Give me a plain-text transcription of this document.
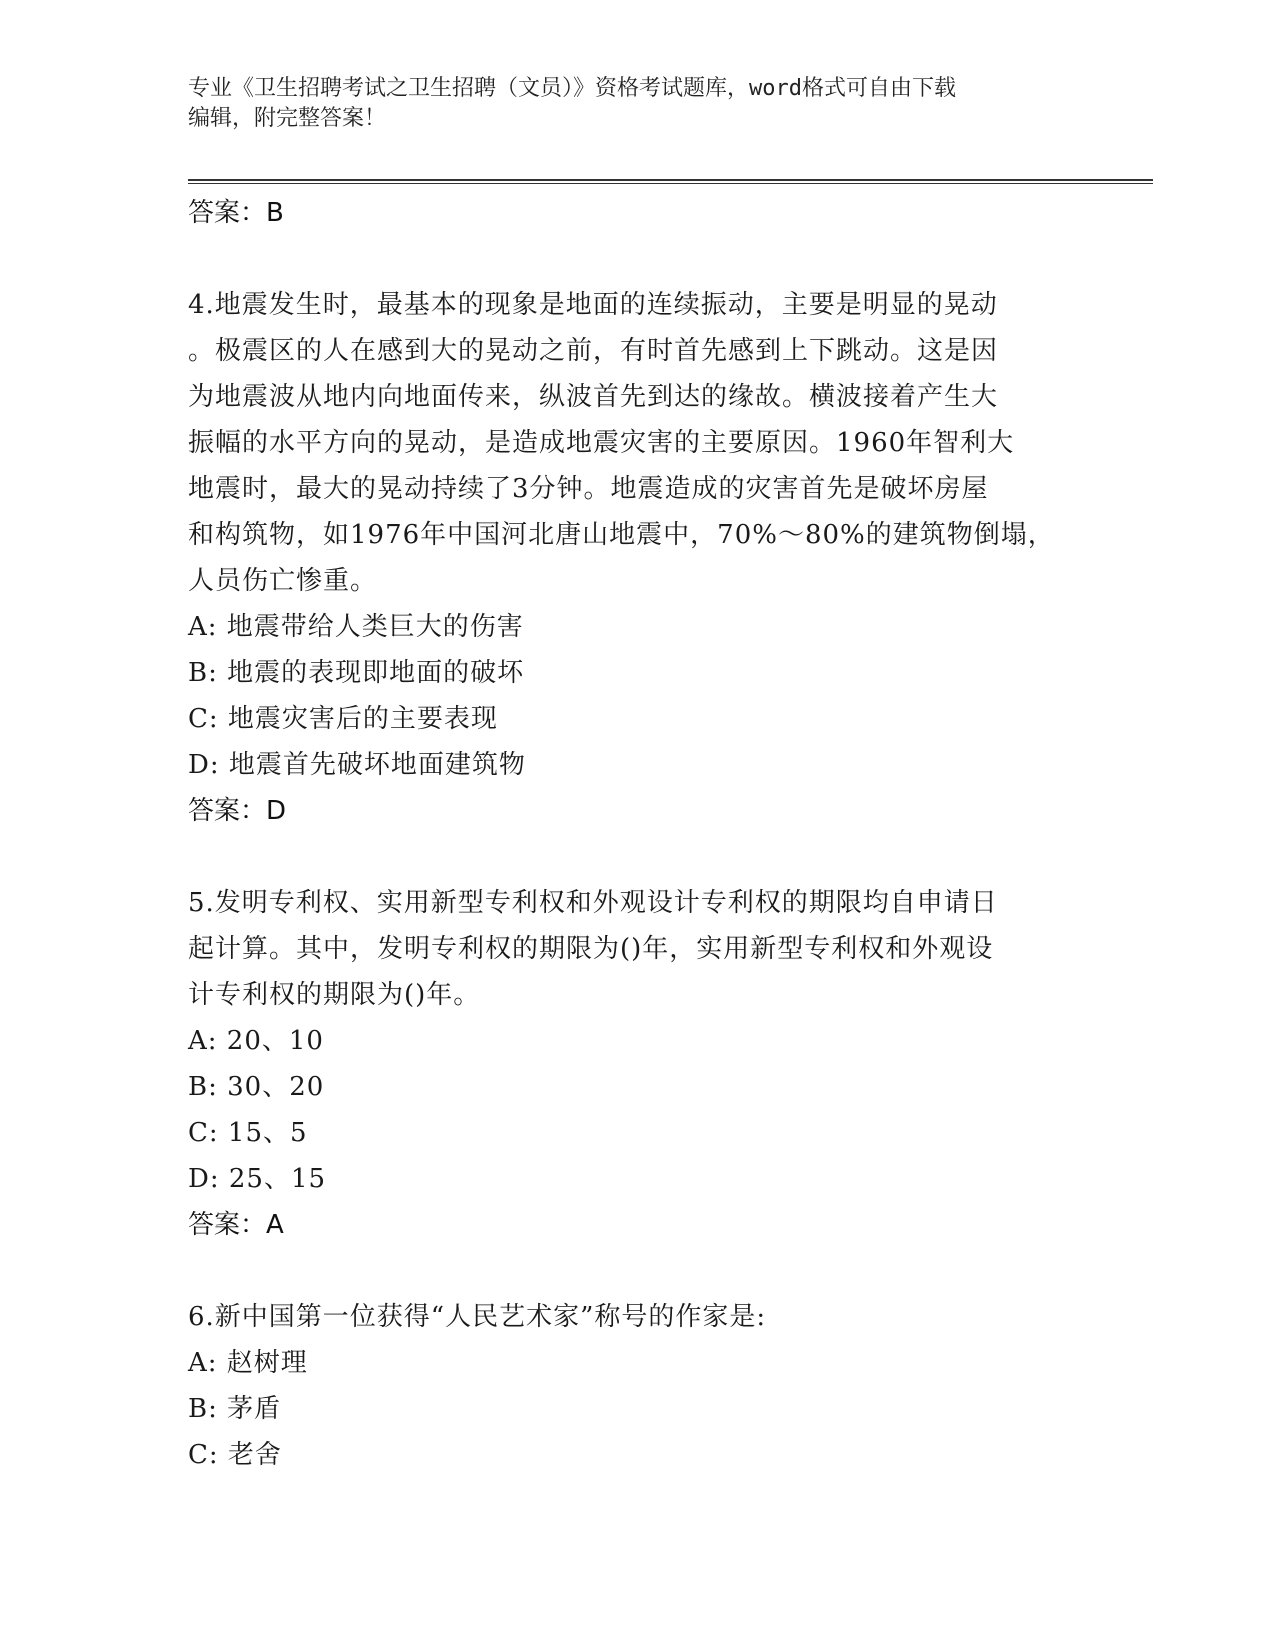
专业《卫生招聘考试之卫生招聘（文员）》资格考试题库，word格式可自由下载
编辑，附完整答案！
答案：B
4.地震发生时，最基本的现象是地面的连续振动，主要是明显的晃动
。极震区的人在感到大的晃动之前，有时首先感到上下跳动。这是因
为地震波从地内向地面传来，纵波首先到达的缘故。横波接着产生大
振幅的水平方向的晃动，是造成地震灾害的主要原因。1960年智利大
地震时，最大的晃动持续了3分钟。地震造成的灾害首先是破坏房屋
和构筑物，如1976年中国河北唐山地震中，70%～80%的建筑物倒塌，
人员伤亡惨重。
A: 地震带给人类巨大的伤害
B: 地震的表现即地面的破坏
C: 地震灾害后的主要表现
D: 地震首先破坏地面建筑物
答案：D
5.发明专利权、实用新型专利权和外观设计专利权的期限均自申请日
起计算。其中，发明专利权的期限为()年，实用新型专利权和外观设
计专利权的期限为()年。
A: 20、10
B: 30、20
C: 15、5
D: 25、15
答案：A
6.新中国第一位获得“人民艺术家”称号的作家是:
A: 赵树理
B: 茅盾
C: 老舍
